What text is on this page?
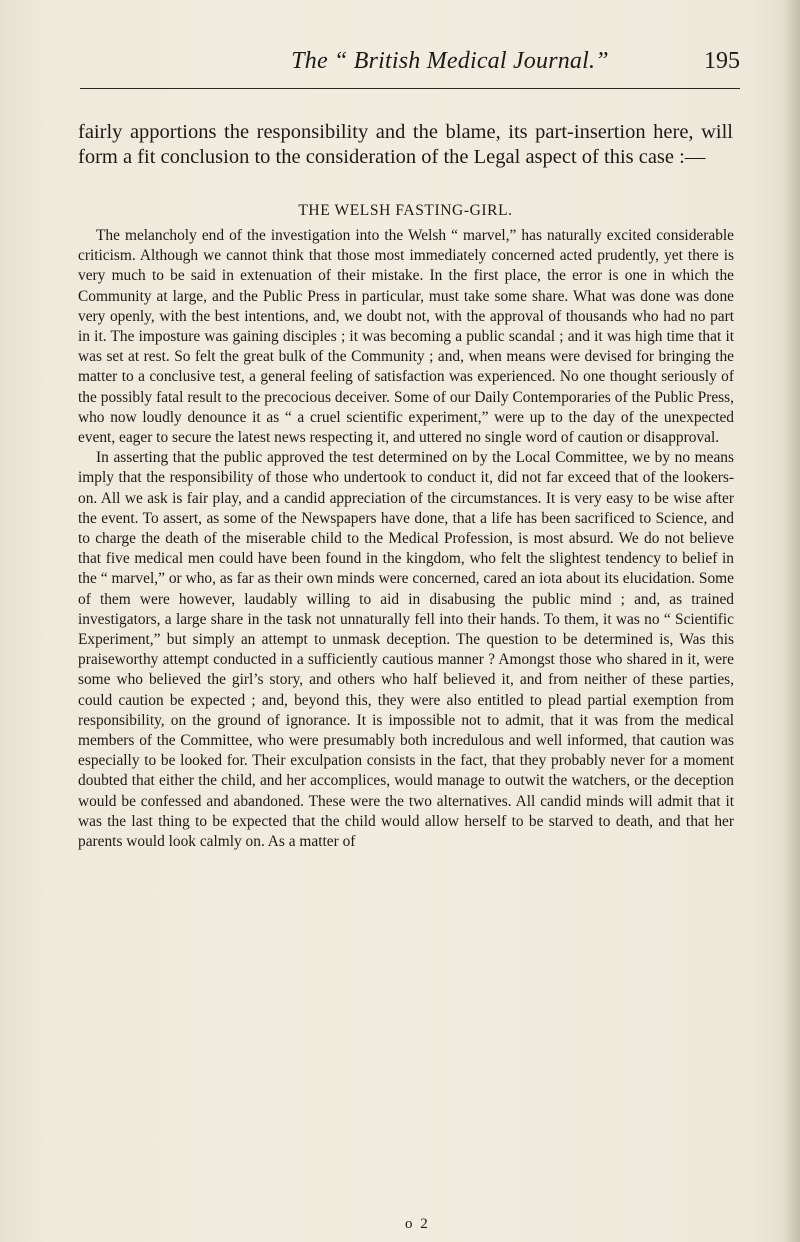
The “ British Medical Journal.”	195
fairly apportions the responsibility and the blame, its part-insertion here, will form a fit conclusion to the consideration of the Legal aspect of this case :—
THE WELSH FASTING-GIRL.

The melancholy end of the investigation into the Welsh “ marvel,” has naturally excited considerable criticism. Although we cannot think that those most immediately concerned acted prudently, yet there is very much to be said in extenuation of their mistake. In the first place, the error is one in which the Community at large, and the Public Press in particular, must take some share. What was done was done very openly, with the best intentions, and, we doubt not, with the approval of thousands who had no part in it. The imposture was gaining disciples ; it was becoming a public scandal ; and it was high time that it was set at rest. So felt the great bulk of the Community ; and, when means were devised for bringing the matter to a conclusive test, a general feeling of satisfaction was experienced. No one thought seriously of the possibly fatal result to the precocious deceiver. Some of our Daily Contemporaries of the Public Press, who now loudly denounce it as “ a cruel scientific experiment,” were up to the day of the unexpected event, eager to secure the latest news respecting it, and uttered no single word of caution or disapproval.

In asserting that the public approved the test determined on by the Local Committee, we by no means imply that the responsibility of those who undertook to conduct it, did not far exceed that of the lookers-on. All we ask is fair play, and a candid appreciation of the circumstances. It is very easy to be wise after the event. To assert, as some of the Newspapers have done, that a life has been sacrificed to Science, and to charge the death of the miserable child to the Medical Profession, is most absurd. We do not believe that five medical men could have been found in the kingdom, who felt the slightest tendency to belief in the “ marvel,” or who, as far as their own minds were concerned, cared an iota about its elucidation. Some of them were however, laudably willing to aid in disabusing the public mind ; and, as trained investigators, a large share in the task not unnaturally fell into their hands. To them, it was no “ Scientific Experiment,” but simply an attempt to unmask deception. The question to be determined is, Was this praiseworthy attempt conducted in a sufficiently cautious manner ? Amongst those who shared in it, were some who believed the girl’s story, and others who half believed it, and from neither of these parties, could caution be expected ; and, beyond this, they were also entitled to plead partial exemption from responsibility, on the ground of ignorance. It is impossible not to admit, that it was from the medical members of the Committee, who were presumably both incredulous and well informed, that caution was especially to be looked for. Their exculpation consists in the fact, that they probably never for a moment doubted that either the child, and her accomplices, would manage to outwit the watchers, or the deception would be confessed and abandoned. These were the two alternatives. All candid minds will admit that it was the last thing to be expected that the child would allow herself to be starved to death, and that her parents would look calmly on. As a matter of

o 2
